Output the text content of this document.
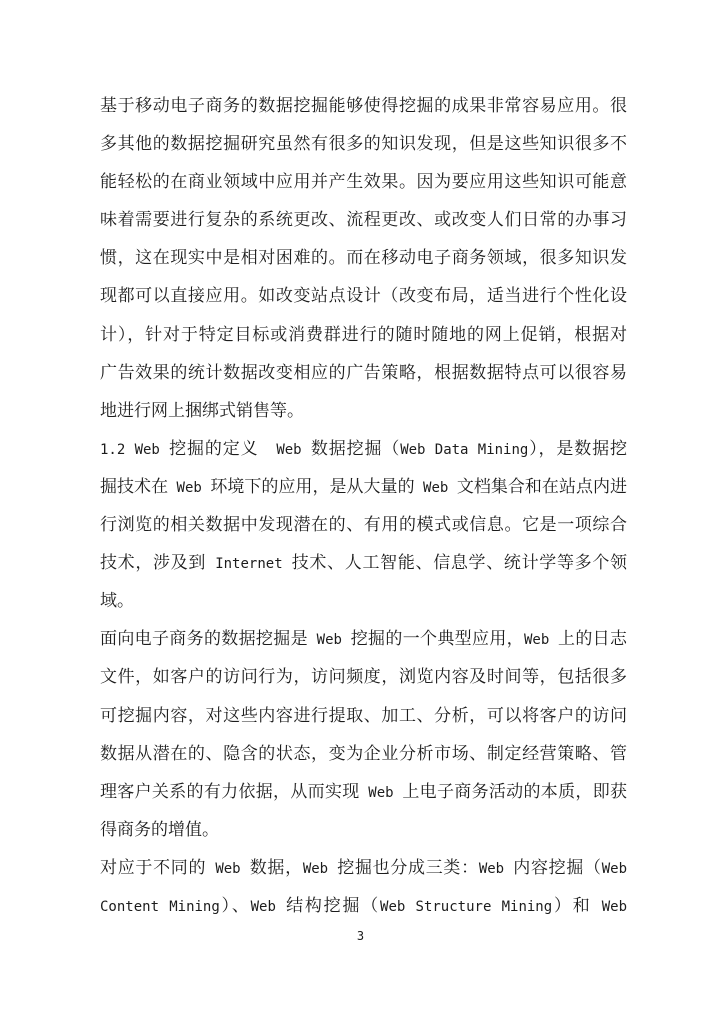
基于移动电子商务的数据挖掘能够使得挖掘的成果非常容易应用。很
多其他的数据挖掘研究虽然有很多的知识发现，但是这些知识很多不
能轻松的在商业领域中应用并产生效果。因为要应用这些知识可能意
味着需要进行复杂的系统更改、流程更改、或改变人们日常的办事习
惯，这在现实中是相对困难的。而在移动电子商务领域，很多知识发
现都可以直接应用。如改变站点设计（改变布局，适当进行个性化设
计），针对于特定目标或消费群进行的随时随地的网上促销，根据对
广告效果的统计数据改变相应的广告策略，根据数据特点可以很容易
地进行网上捆绑式销售等。
1.2 Web 挖掘的定义　Web 数据挖掘（Web Data Mining），是数据挖
掘技术在 Web 环境下的应用，是从大量的 Web 文档集合和在站点内进
行浏览的相关数据中发现潜在的、有用的模式或信息。它是一项综合
技术，涉及到 Internet 技术、人工智能、信息学、统计学等多个领
域。
面向电子商务的数据挖掘是 Web 挖掘的一个典型应用，Web 上的日志
文件，如客户的访问行为，访问频度，浏览内容及时间等，包括很多
可挖掘内容，对这些内容进行提取、加工、分析，可以将客户的访问
数据从潜在的、隐含的状态，变为企业分析市场、制定经营策略、管
理客户关系的有力依据，从而实现 Web 上电子商务活动的本质，即获
得商务的增值。
对应于不同的 Web 数据，Web 挖掘也分成三类：Web 内容挖掘（Web
Content Mining）、Web 结构挖掘（Web Structure Mining）和 Web
3
